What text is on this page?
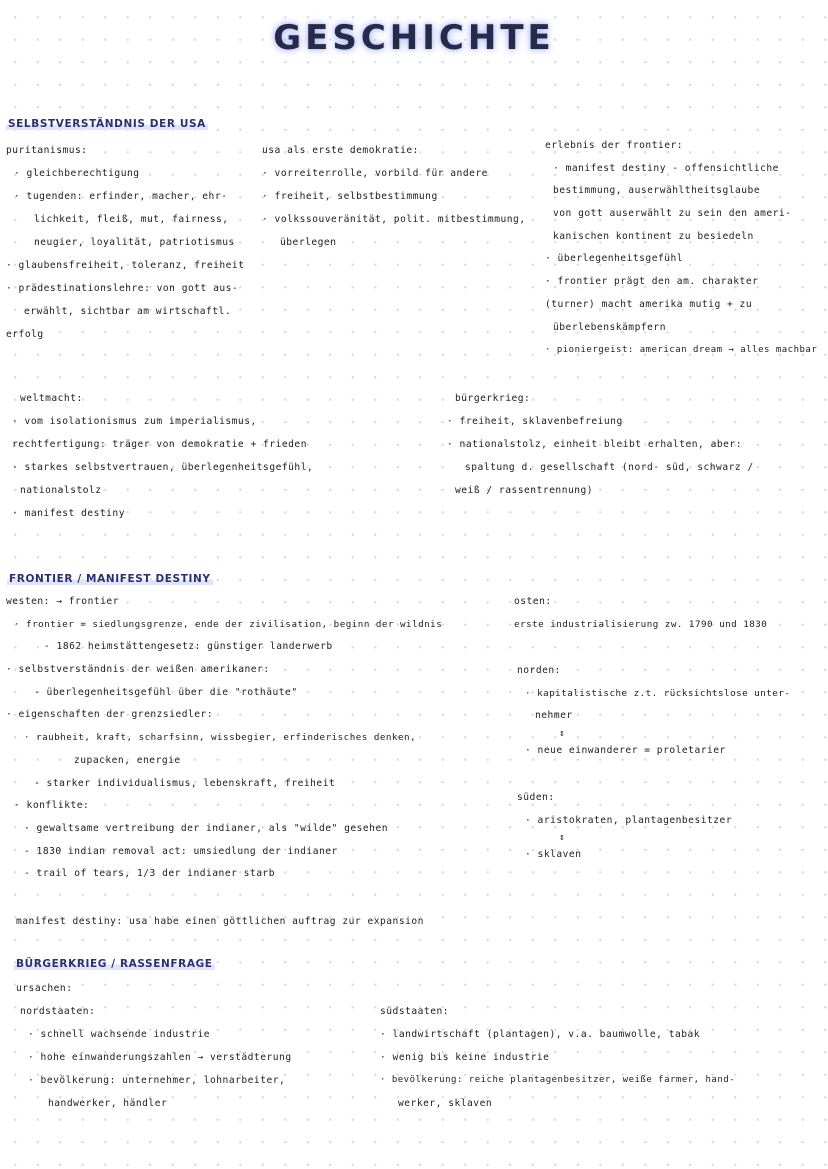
GESCHICHTE
SELBSTVERSTÄNDNIS DER USA
puritanismus:
· gleichberechtigung
· tugenden: erfinder, macher, ehr-
lichkeit, fleiß, mut, fairness,
neugier, loyalität, patriotismus
· glaubensfreiheit, toleranz, freiheit
· prädestinationslehre: von gott aus-
erwählt, sichtbar am wirtschaftl.
erfolg
usa als erste demokratie:
· vorreiterrolle, vorbild für andere
· freiheit, selbstbestimmung
· volkssouveränität, polit. mitbestimmung,
überlegen
erlebnis der frontier:
· manifest destiny - offensichtliche
bestimmung, auserwähltheitsglaube
von gott auserwählt zu sein den ameri-
kanischen kontinent zu besiedeln
· überlegenheitsgefühl
· frontier prägt den am. charakter
(turner) macht amerika mutig + zu
überlebenskämpfern
· pioniergeist: american dream → alles machbar
weltmacht:
· vom isolationismus zum imperialismus,
rechtfertigung: träger von demokratie + frieden
· starkes selbstvertrauen, überlegenheitsgefühl,
nationalstolz
· manifest destiny
bürgerkrieg:
· freiheit, sklavenbefreiung
· nationalstolz, einheit bleibt erhalten, aber:
spaltung d. gesellschaft (nord- süd, schwarz /
weiß / rassentrennung)
FRONTIER / MANIFEST DESTINY
westen: → frontier
· frontier = siedlungsgrenze, ende der zivilisation, beginn der wildnis
- 1862 heimstättengesetz: günstiger landerwerb
· selbstverständnis der weißen amerikaner:
- überlegenheitsgefühl über die "rothäute"
· eigenschaften der grenzsiedler:
· raubheit, kraft, scharfsinn, wissbegier, erfinderisches denken,
zupacken, energie
- starker individualismus, lebenskraft, freiheit
· konflikte:
· gewaltsame vertreibung der indianer, als "wilde" gesehen
- 1830 indian removal act: umsiedlung der indianer
- trail of tears, 1/3 der indianer starb
osten:
erste industrialisierung zw. 1790 und 1830
norden:
· kapitalistische z.t. rücksichtslose unter-
nehmer
↕
· neue einwanderer = proletarier
süden:
· aristokraten, plantagenbesitzer
↕
· sklaven
manifest destiny: usa habe einen göttlichen auftrag zur expansion
BÜRGERKRIEG / RASSENFRAGE
ursachen:
nordstaaten:
· schnell wachsende industrie
· hohe einwanderungszahlen → verstädterung
· bevölkerung: unternehmer, lohnarbeiter,
handwerker, händler
südstaaten:
· landwirtschaft (plantagen), v.a. baumwolle, tabak
· wenig bis keine industrie
· bevölkerung: reiche plantagenbesitzer, weiße farmer, hand-
werker, sklaven
